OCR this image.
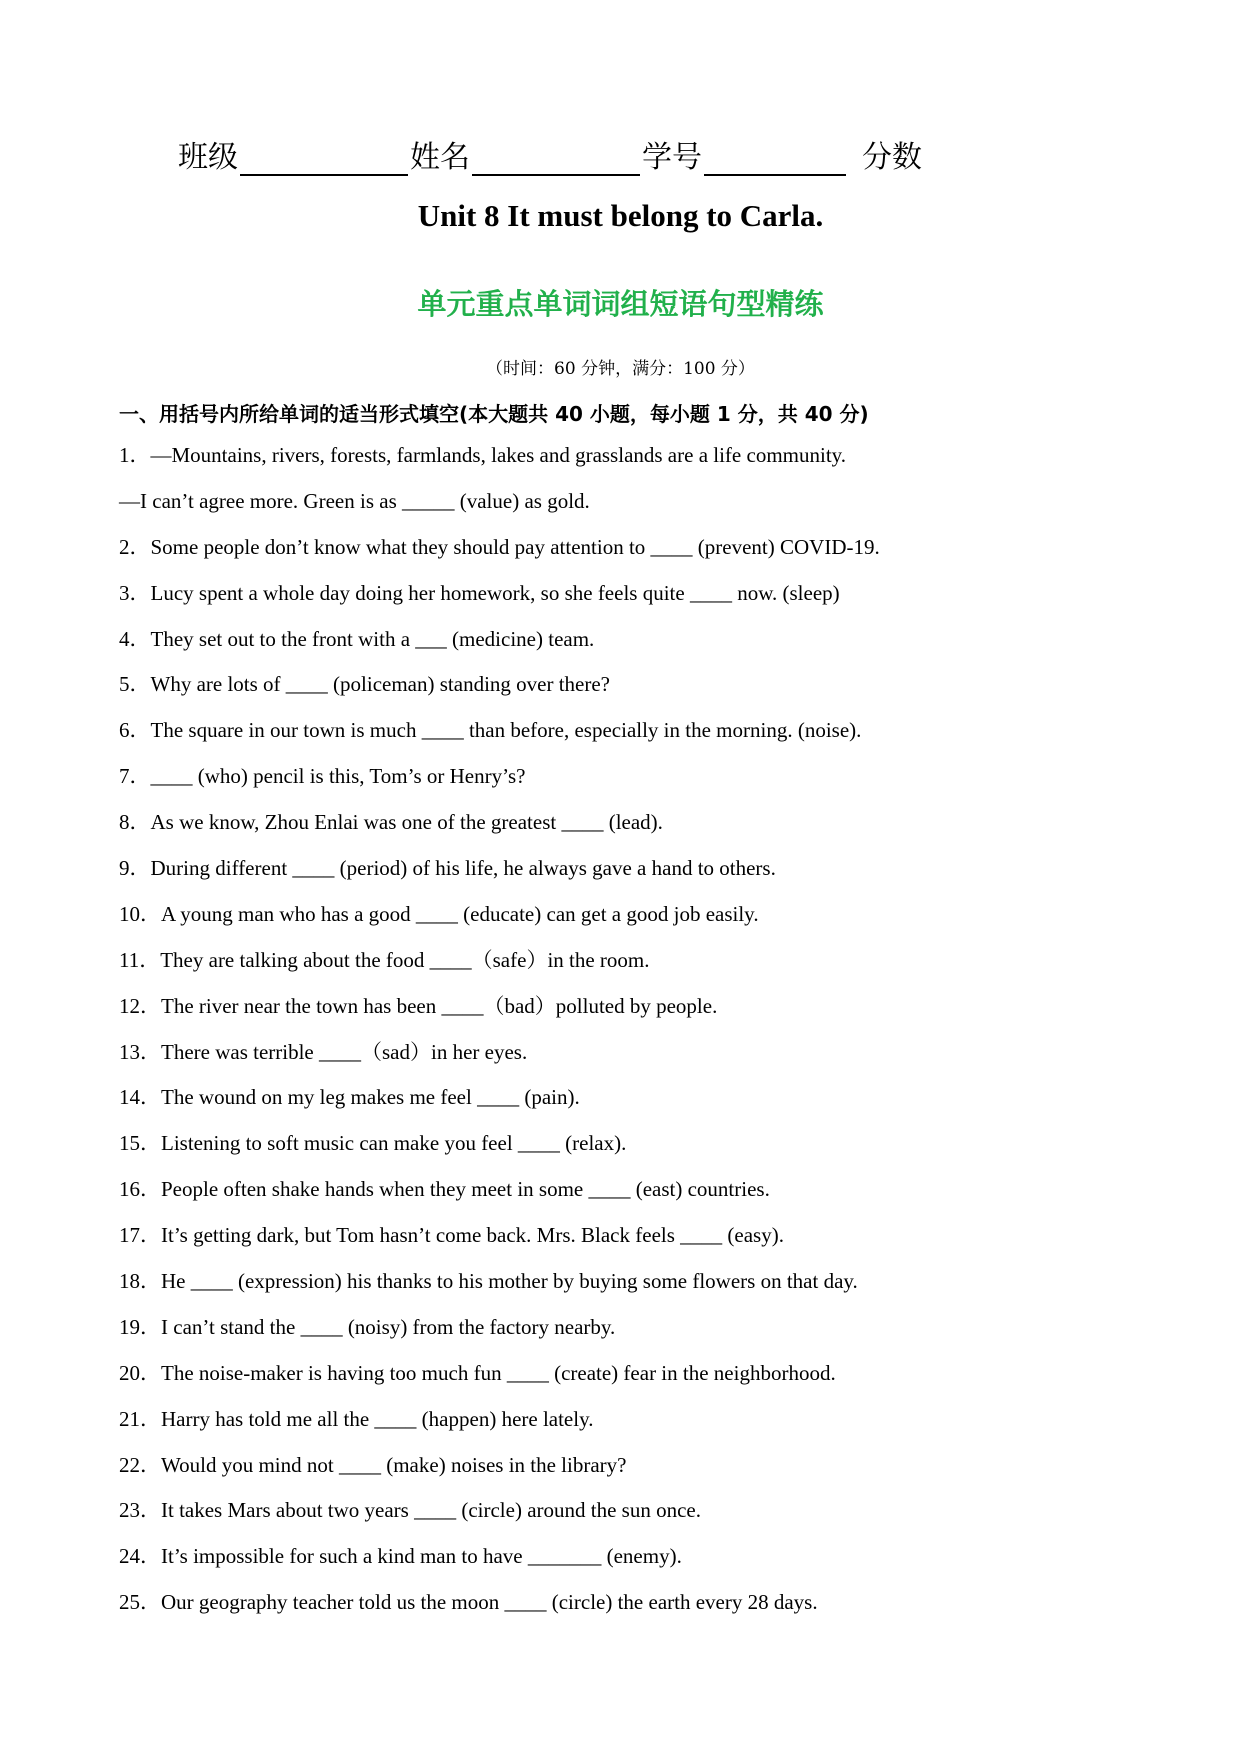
班级	姓名	学号	分数
Unit 8 It must belong to Carla.
单元重点单词词组短语句型精练
（时间：60 分钟，满分：100 分）
一、用括号内所给单词的适当形式填空(本大题共 40 小题，每小题 1 分，共 40 分)
1．—Mountains, rivers, forests, farmlands, lakes and grasslands are a life community.
—I can’t agree more. Green is as _____ (value) as gold.
2．Some people don’t know what they should pay attention to ____ (prevent) COVID-19.
3．Lucy spent a whole day doing her homework, so she feels quite ____ now. (sleep)
4．They set out to the front with a ___ (medicine) team.
5．Why are lots of ____ (policeman) standing over there?
6．The square in our town is much ____ than before, especially in the morning. (noise).
7．____ (who) pencil is this, Tom’s or Henry’s?
8．As we know, Zhou Enlai was one of the greatest ____ (lead).
9．During different ____ (period) of his life, he always gave a hand to others.
10．A young man who has a good ____ (educate) can get a good job easily.
11．They are talking about the food ____（safe）in the room.
12．The river near the town has been ____（bad）polluted by people.
13．There was terrible ____（sad）in her eyes.
14．The wound on my leg makes me feel ____ (pain).
15．Listening to soft music can make you feel ____ (relax).
16．People often shake hands when they meet in some ____ (east) countries.
17．It’s getting dark, but Tom hasn’t come back. Mrs. Black feels ____ (easy).
18．He ____ (expression) his thanks to his mother by buying some flowers on that day.
19．I can’t stand the ____ (noisy) from the factory nearby.
20．The noise-maker is having too much fun ____ (create) fear in the neighborhood.
21．Harry has told me all the ____ (happen) here lately.
22．Would you mind not ____ (make) noises in the library?
23．It takes Mars about two years ____ (circle) around the sun once.
24．It’s impossible for such a kind man to have _______ (enemy).
25．Our geography teacher told us the moon ____ (circle) the earth every 28 days.
